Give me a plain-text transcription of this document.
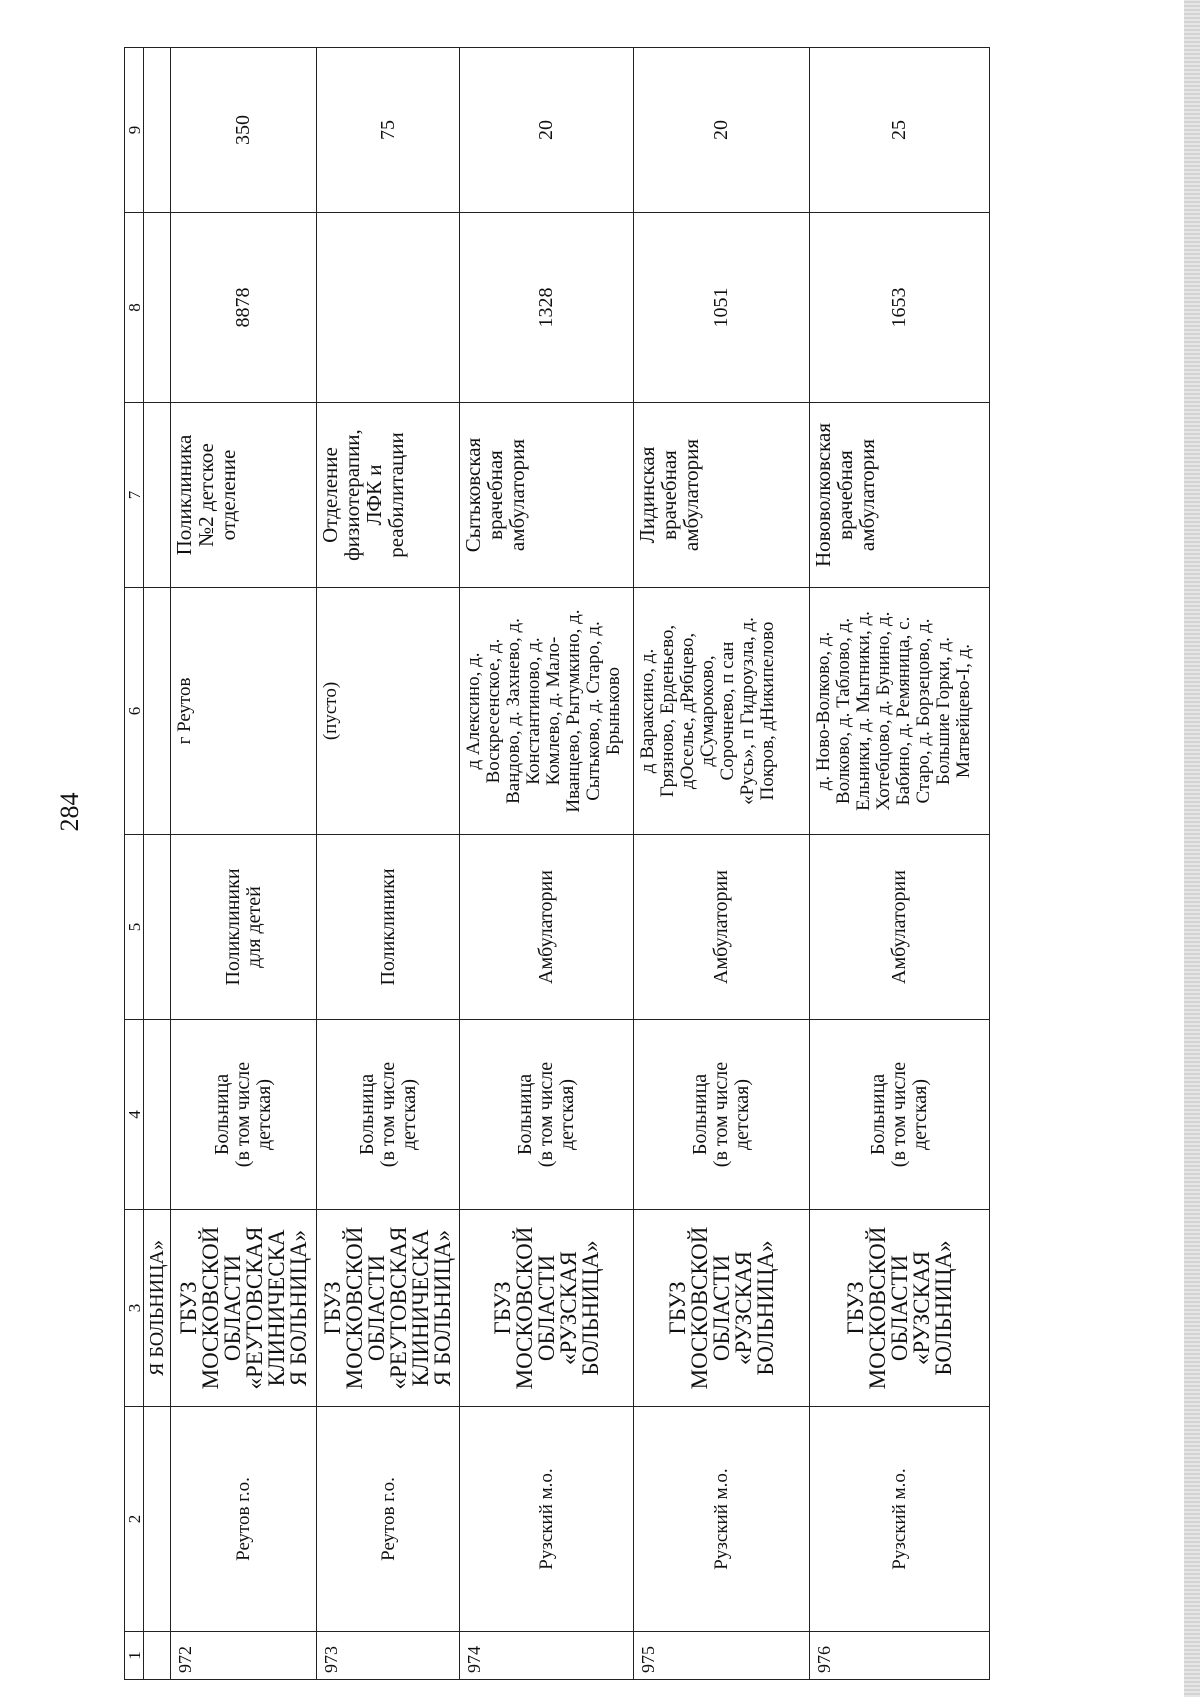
284
1
2
3
4
5
6
7
8
9
Я БОЛЬНИЦА»
972
Реутов г.о.
ГБУЗ
МОСКОВСКОЙ
ОБЛАСТИ
«РЕУТОВСКАЯ
КЛИНИЧЕСКА
Я БОЛЬНИЦА»
Больница (в том числе детская)
Поликлиники для детей
г Реутов
Поликлиника
№2 детское
отделение
8878
350
973
Реутов г.о.
ГБУЗ
МОСКОВСКОЙ
ОБЛАСТИ
«РЕУТОВСКАЯ
КЛИНИЧЕСКА
Я БОЛЬНИЦА»
Больница (в том числе детская)
Поликлиники
(пусто)
Отделение
физиотерапии,
ЛФК и
реабилитации
75
974
Рузский м.о.
ГБУЗ
МОСКОВСКОЙ
ОБЛАСТИ
«РУЗСКАЯ
БОЛЬНИЦА»
Больница (в том числе детская)
Амбулатории
д Алексино, д. Воскресенское, д. Вандово, д. Захнево, д. Константиново, д. Комлево, д. Мало- Иванцево, Рытумкино, д. Сытьково, д. Старо, д. Брыньково
Сытьковская
врачебная
амбулатория
1328
20
975
Рузский м.о.
ГБУЗ
МОСКОВСКОЙ
ОБЛАСТИ
«РУЗСКАЯ
БОЛЬНИЦА»
Больница (в том числе детская)
Амбулатории
д Вараксино, д. Грязново, Ерденьево, дОселье, дРябцево, дСумароково, Сорочнево, п сан «Русь», п Гидроузла, д. Покров, дНикипелово
Лидинская
врачебная
амбулатория
1051
20
976
Рузский м.о.
ГБУЗ
МОСКОВСКОЙ
ОБЛАСТИ
«РУЗСКАЯ
БОЛЬНИЦА»
Больница (в том числе детская)
Амбулатории
д. Ново-Волково, д. Волково, д. Таблово, д. Ельники, д. Мытники, д. Хотебцово, д. Бунино, д. Бабино, д. Ремяница, с. Старо, д. Борзецово, д. Большие Горки, д. Матвейцево-I, д.
Нововолковская
врачебная
амбулатория
1653
25
